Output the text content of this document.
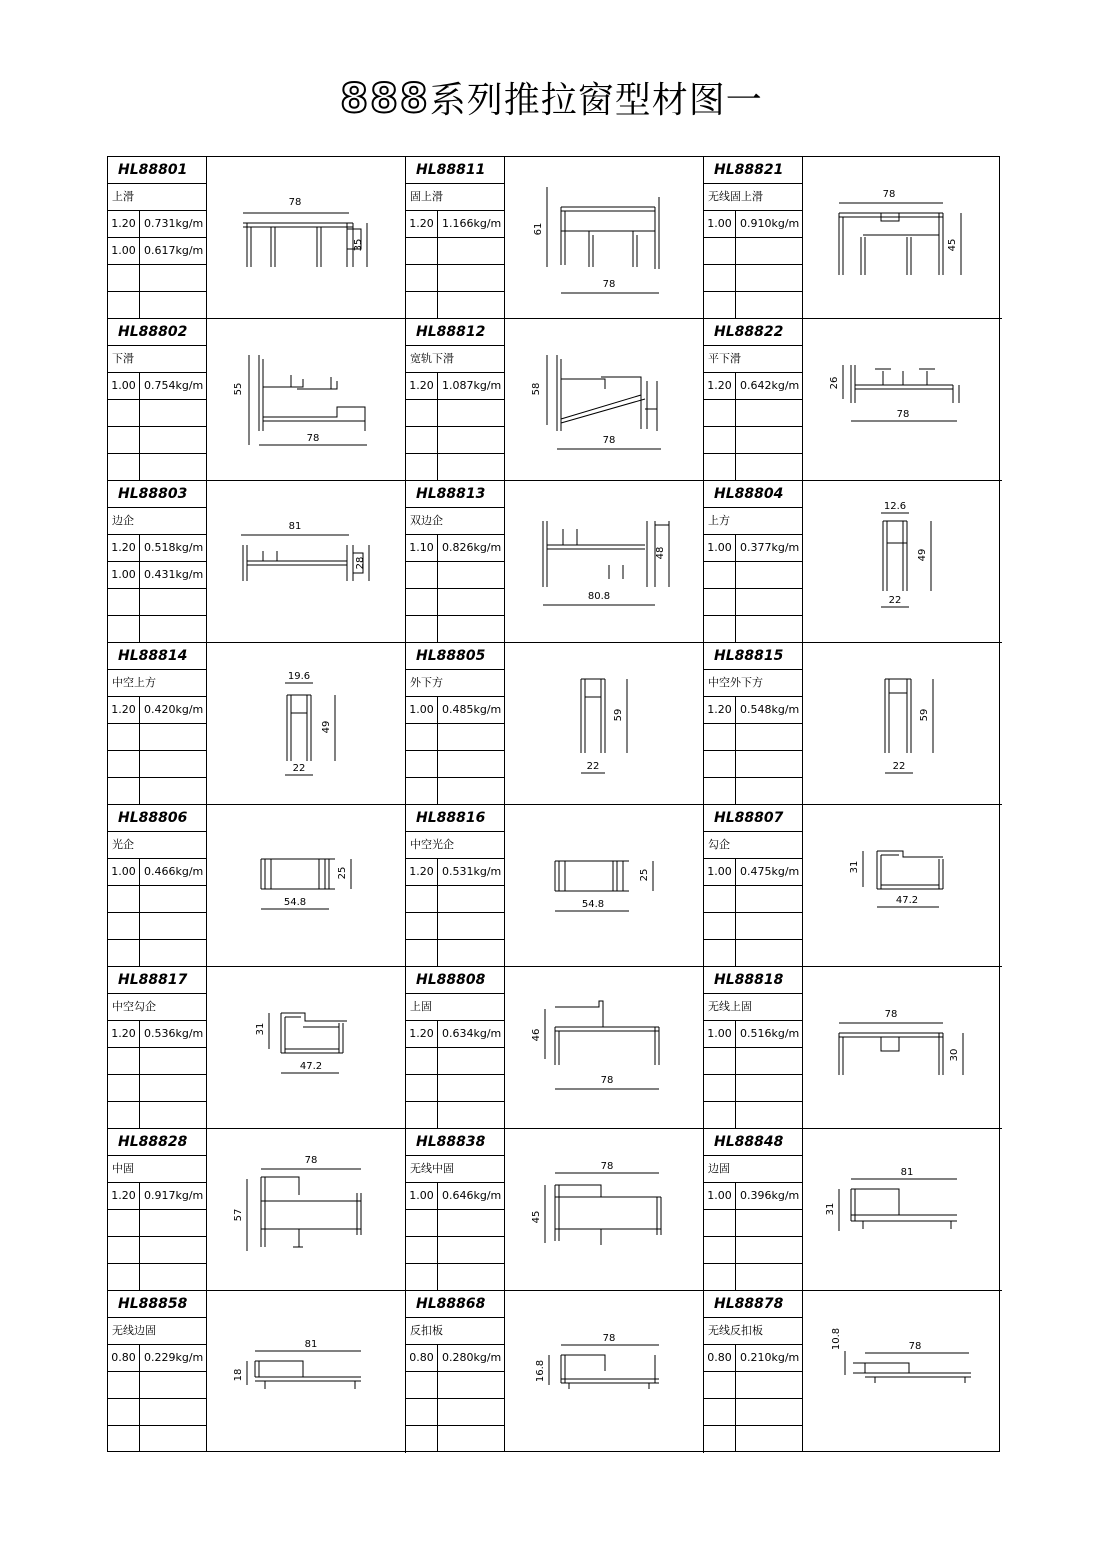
888系列推拉窗型材图一
HL88801
上滑
1.20 0.731kg/m
1.00 0.617kg/m
78
35
HL88811
固上滑
1.20 1.166kg/m	61
78
HL88821
无线固上滑
1.00 0.910kg/m
78
45
HL88802
下滑
1.00 0.754kg/m	55
78
HL88812
宽轨下滑
1.20 1.087kg/m	58
78
HL88822
平下滑
1.20 0.642kg/m	26
78
HL88803
边企
1.20 0.518kg/m
1.00 0.431kg/m
81
28
HL88813
双边企
1.10 0.826kg/m	48
80.8
HL88804
上方
1.00 0.377kg/m
12.6
49
22
HL88814
中空上方
1.20 0.420kg/m
19.6
49
22
HL88805
外下方
1.00 0.485kg/m	59
22
HL88815
中空外下方
1.20 0.548kg/m	59
22
HL88806
光企
1.00 0.466kg/m	25
54.8
HL88816
中空光企
1.20 0.531kg/m	25
54.8
HL88807
勾企
1.00 0.475kg/m	31
47.2
HL88817
中空勾企
1.20 0.536kg/m	31
47.2
HL88808
上固
1.20 0.634kg/m	46
78
HL88818
无线上固
1.00 0.516kg/m
78
30
HL88828
中固
1.20 0.917kg/m
78
57
HL88838
无线中固
1.00 0.646kg/m
78
45
HL88848
边固
1.00 0.396kg/m
81
31
HL88858
无线边固
0.80 0.229kg/m
81
18
HL88868
反扣板
0.80 0.280kg/m
78
16.8
HL88878
无线反扣板
0.80 0.210kg/m
10.8	78
